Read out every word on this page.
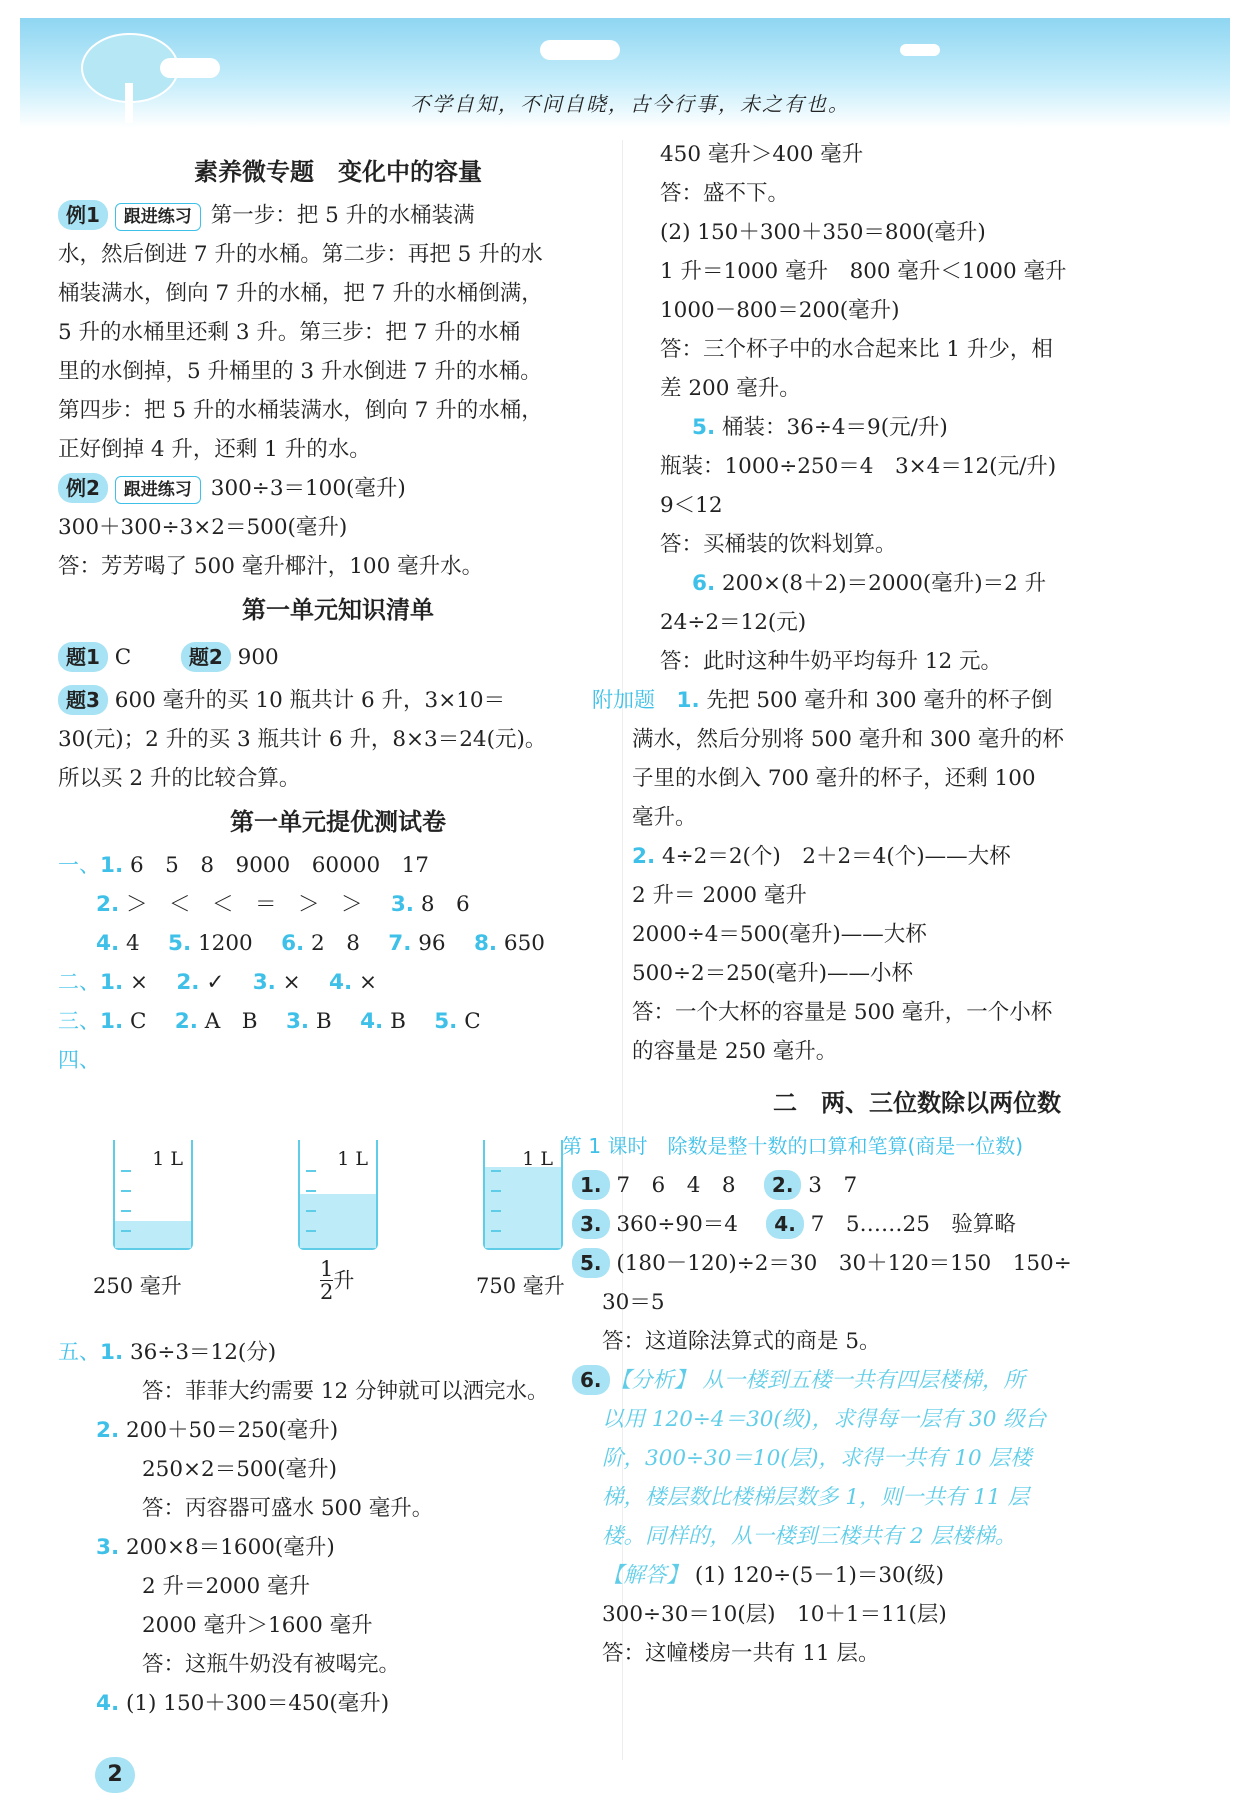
不学自知，不问自晓，古今行事，未之有也。
素养微专题　变化中的容量
例1 跟进练习 第一步：把 5 升的水桶装满
水，然后倒进 7 升的水桶。第二步：再把 5 升的水
桶装满水，倒向 7 升的水桶，把 7 升的水桶倒满，
5 升的水桶里还剩 3 升。第三步：把 7 升的水桶
里的水倒掉，5 升桶里的 3 升水倒进 7 升的水桶。
第四步：把 5 升的水桶装满水，倒向 7 升的水桶，
正好倒掉 4 升，还剩 1 升的水。
例2 跟进练习 300÷3＝100(毫升)
300＋300÷3×2＝500(毫升)
答：芳芳喝了 500 毫升椰汁，100 毫升水。
第一单元知识清单
题1 C	题2 900
题3 600 毫升的买 10 瓶共计 6 升，3×10＝
30(元)；2 升的买 3 瓶共计 6 升，8×3＝24(元)。
所以买 2 升的比较合算。
第一单元提优测试卷
一、1. 6　5　8　9000　60000　17
2. ＞　＜　＜　＝　＞　＞　 3. 8　6
4. 4　 5. 1200　 6. 2　8　 7. 96　 8. 650
二、1. ×　 2. ✓　 3. ×　 4. ×
三、1. C　 2. A　B　 3. B　 4. B　 5. C
四、
1 L	1 L	1 L
250 毫升	$\frac{1}{2}$ 升	750 毫升
五、1. 36÷3＝12(分)
答：菲菲大约需要 12 分钟就可以洒完水。
2. 200＋50＝250(毫升)
250×2＝500(毫升)
答：丙容器可盛水 500 毫升。
3. 200×8＝1600(毫升)
2 升＝2000 毫升
2000 毫升＞1600 毫升
答：这瓶牛奶没有被喝完。
4. (1) 150＋300＝450(毫升)
2
450 毫升＞400 毫升
答：盛不下。
(2) 150＋300＋350＝800(毫升)
1 升＝1000 毫升　800 毫升＜1000 毫升
1000－800＝200(毫升)
答：三个杯子中的水合起来比 1 升少，相
差 200 毫升。
5. 桶装：36÷4＝9(元/升)
瓶装：1000÷250＝4　3×4＝12(元/升)
9＜12
答：买桶装的饮料划算。
6. 200×(8＋2)＝2000(毫升)＝2 升
24÷2＝12(元)
答：此时这种牛奶平均每升 12 元。
附加题　 1. 先把 500 毫升和 300 毫升的杯子倒
满水，然后分别将 500 毫升和 300 毫升的杯
子里的水倒入 700 毫升的杯子，还剩 100
毫升。
2. 4÷2＝2(个)　2＋2＝4(个)——大杯
2 升＝ 2000 毫升
2000÷4＝500(毫升)——大杯
500÷2＝250(毫升)——小杯
答：一个大杯的容量是 500 毫升，一个小杯
的容量是 250 毫升。
二　两、三位数除以两位数
第 1 课时　除数是整十数的口算和笔算(商是一位数)
1. 7　6　4　8　 2. 3　7
3. 360÷90＝4　 4. 7　5……25　验算略
5. (180－120)÷2＝30　30＋120＝150　150÷
30＝5
答：这道除法算式的商是 5。
6. 【分析】 从一楼到五楼一共有四层楼梯，所
以用 120÷4＝30(级)，求得每一层有 30 级台
阶，300÷30＝10(层)，求得一共有 10 层楼
梯，楼层数比楼梯层数多 1，则一共有 11 层
楼。同样的，从一楼到三楼共有 2 层楼梯。
【解答】 (1) 120÷(5－1)＝30(级)
300÷30＝10(层)　10＋1＝11(层)
答：这幢楼房一共有 11 层。
